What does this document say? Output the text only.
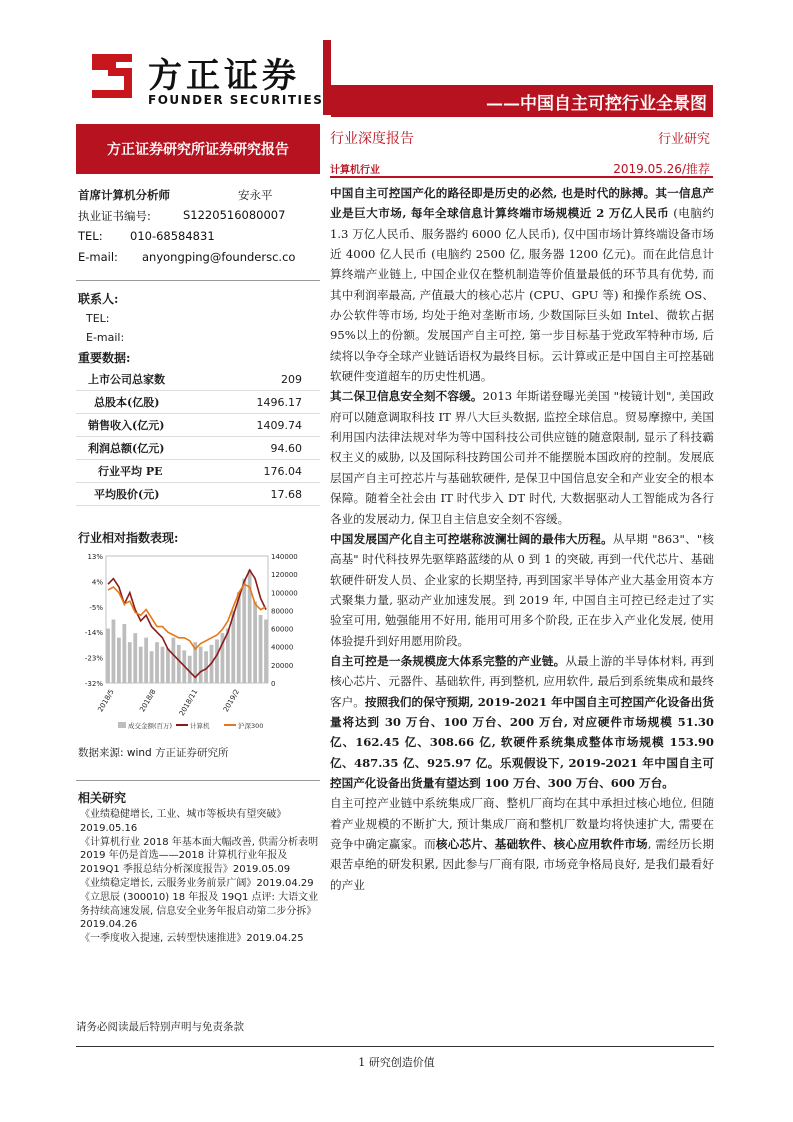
方正证券
FOUNDER SECURITIES	——中国自主可控行业全景图
方正证券研究所证券研究报告
行业深度报告	行业研究
计算机行业	2019.05.26/推荐
首席计算机分析师	安永平
执业证书编号:	S1220516080007
TEL: 010-68584831
E-mail: anyongping@foundersc.co
联系人:
TEL:
E-mail:
重要数据:
上市公司总家数	209
总股本(亿股)	1496.17
销售收入(亿元)	1409.74
利润总额(亿元)	94.60
行业平均 PE	176.04
平均股价(元)	17.68
行业相对指数表现:
13%
4%
-5%
-14%
-23%
-32%
140000
120000
100000
80000
60000
40000
20000
0
2018/5	2018/8	2018/11	2019/2
成交金额(百万)	计算机	沪深300
数据来源: wind 方正证券研究所
相关研究
《业绩稳健增长, 工业、城市等板块有望突破》2019.05.16
《计算机行业 2018 年基本面大幅改善, 供需分析表明 2019 年仍是首选——2018 计算机行业年报及 2019Q1 季报总结分析深度报告》2019.05.09
《业绩稳定增长, 云服务业务前景广阔》2019.04.29
《立思辰 (300010) 18 年报及 19Q1 点评: 大语文业务持续高速发展, 信息安全业务年报启动第二步分拆》2019.04.26
《一季度收入提速, 云转型快速推进》2019.04.25
请务必阅读最后特别声明与免责条款

中国自主可控国产化的路径即是历史的必然, 也是时代的脉搏。其一信息产业是巨大市场, 每年全球信息计算终端市场规模近 2 万亿人民币 (电脑约 1.3 万亿人民币、服务器约 6000 亿人民币), 仅中国市场计算终端设备市场近 4000 亿人民币 (电脑约 2500 亿, 服务器 1200 亿元)。而在此信息计算终端产业链上, 中国企业仅在整机制造等价值量最低的环节具有优势, 而其中利润率最高, 产值最大的核心芯片 (CPU、GPU 等) 和操作系统 OS、办公软件等市场, 均处于绝对垄断市场, 少数国际巨头如 Intel、微软占据 95%以上的份额。发展国产自主可控, 第一步目标基于党政军特种市场, 后续将以争夺全球产业链话语权为最终目标。云计算或正是中国自主可控基础软硬件变道超车的历史性机遇。

其二保卫信息安全刻不容缓。2013 年斯诺登曝光美国 "棱镜计划", 美国政府可以随意调取科技 IT 界八大巨头数据, 监控全球信息。贸易摩擦中, 美国利用国内法律法规对华为等中国科技公司供应链的随意限制, 显示了科技霸权主义的威胁, 以及国际科技跨国公司并不能摆脱本国政府的控制。发展底层国产自主可控芯片与基础软硬件, 是保卫中国信息安全和产业安全的根本保障。随着全社会由 IT 时代步入 DT 时代, 大数据驱动人工智能成为各行各业的发展动力, 保卫自主信息安全刻不容缓。

中国发展国产化自主可控堪称波澜壮阔的最伟大历程。从早期 "863"、"核高基" 时代科技界先驱筚路蓝缕的从 0 到 1 的突破, 再到一代代芯片、基础软硬件研发人员、企业家的长期坚持, 再到国家半导体产业大基金用资本方式聚集力量, 驱动产业加速发展。到 2019 年, 中国自主可控已经走过了实验室可用, 勉强能用不好用, 能用可用多个阶段, 正在步入产业化发展, 使用体验提升到好用愿用阶段。

自主可控是一条规模庞大体系完整的产业链。从最上游的半导体材料, 再到核心芯片、元器件、基础软件, 再到整机, 应用软件, 最后到系统集成和最终客户。按照我们的保守预期, 2019-2021 年中国自主可控国产化设备出货量将达到 30 万台、100 万台、200 万台, 对应硬件市场规模 51.30 亿、162.45 亿、308.66 亿, 软硬件系统集成整体市场规模 153.90 亿、487.35 亿、925.97 亿。乐观假设下, 2019-2021 年中国自主可控国产化设备出货量有望达到 100 万台、300 万台、600 万台。

自主可控产业链中系统集成厂商、整机厂商均在其中承担过核心地位, 但随着产业规模的不断扩大, 预计集成厂商和整机厂数量均将快速扩大, 需要在竞争中确定赢家。而核心芯片、基础软件、核心应用软件市场, 需经历长期艰苦卓绝的研发积累, 因此参与厂商有限, 市场竞争格局良好, 是我们最看好的产业

1 研究创造价值
